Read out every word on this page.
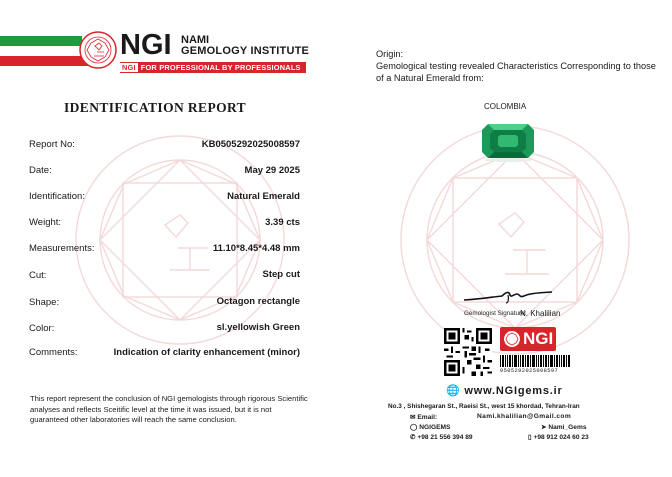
NGI NAMI
GEMOLOGY INSTITUTE
NGI FOR PROFESSIONAL BY PROFESSIONALS
IDENTIFICATION REPORT
Report No:	KB0505292025008597
Date:	May 29 2025
Identification:	Natural Emerald
Weight:	3.39 cts
Measurements:	11.10*8.45*4.48 mm
Cut:	Step cut
Shape:	Octagon rectangle
Color:	sl.yellowish Green
Comments:	Indication of clarity enhancement (minor)
This report represent the conclusion of NGI gemologists through rigorous Scientific analyses and reflects Sceitific level at the time it was issued, but it is not guaranteed other laboratories will reach the same conclusion.
Origin:
Gemological testing revealed Characteristics Corresponding to those of a Natural Emerald from:
COLOMBIA
Gemologist Signature:
N. Khalilian
NGI
0505292025008597
🌐 www.NGIgems.ir
No.3 , Shishegaran St., Raeisi St., west 15 khordad, Tehran-Iran
✉ Email:	Nami.khalilian@Gmail.com
◯ NGIGEMS	➤ Nami_Gems
✆ +98 21 556 394 89	▯ +98 912 024 60 23
